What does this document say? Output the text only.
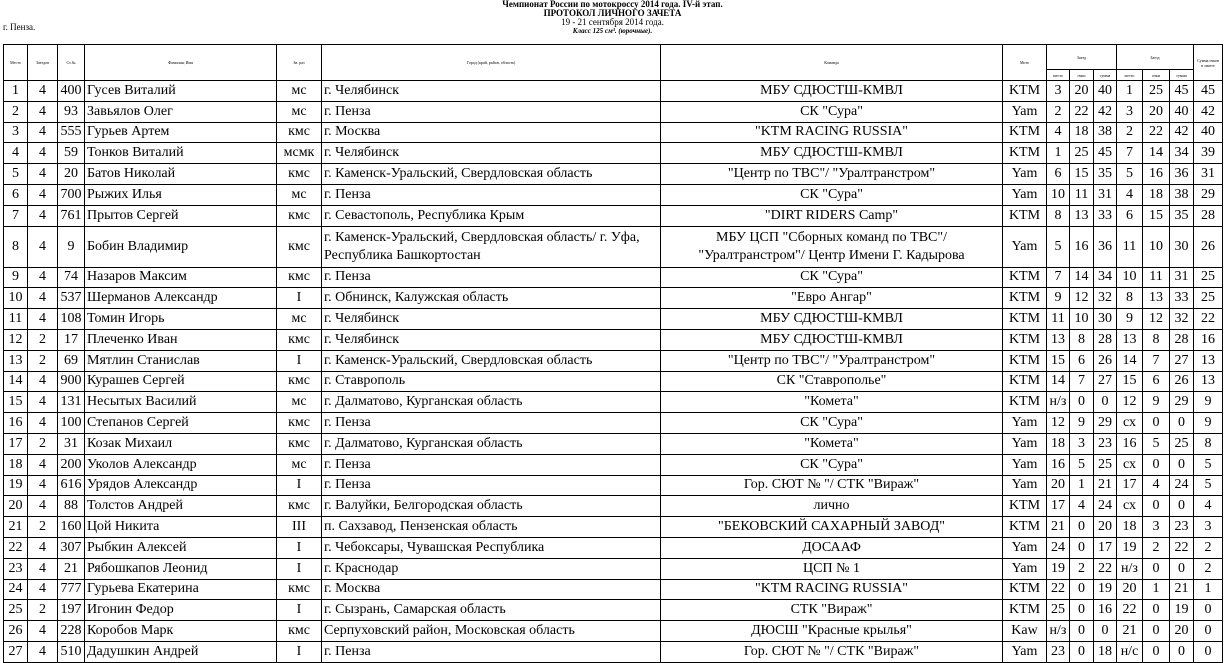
Чемпионат России по мотокроссу 2014 года. IV-й этап.
ПРОТОКОЛ ЛИЧНОГО ЗАЧЕТА
19 - 21 сентября 2014 года.
Класс 125 см³. (юрочные).
г. Пенза.
Место	Заездов	Ст.№	Фамилия, Имя	Зв. раз	Город (край, район, область)	Команда	Мото	Заезд			Заезд			Сумма очков в зачете
								место	очки	сумма	место	очки	сумма	
1	4	400	Гусев Виталий	мс	г. Челябинск	МБУ СДЮСТШ-КМВЛ	KTM	3	20	40	1	25	45	45
2	4	93	Завьялов Олег	мс	г. Пенза	СК "Сура"	Yam	2	22	42	3	20	40	42
3	4	555	Гурьев Артем	кмс	г. Москва	"KTM RACING RUSSIA"	KTM	4	18	38	2	22	42	40
4	4	59	Тонков Виталий	мсмк	г. Челябинск	МБУ СДЮСТШ-КМВЛ	KTM	1	25	45	7	14	34	39
5	4	20	Батов Николай	кмс	г. Каменск-Уральский, Свердловская область	"Центр по ТВС"/ "Уралтранстром"	Yam	6	15	35	5	16	36	31
6	4	700	Рыжих Илья	мс	г. Пенза	СК "Сура"	Yam	10	11	31	4	18	38	29
7	4	761	Прытов Сергей	кмс	г. Севастополь, Республика Крым	"DIRT RIDERS Camp"	KTM	8	13	33	6	15	35	28
8	4	9	Бобин Владимир	кмс	г. Каменск-Уральский, Свердловская область/ г. Уфа, Республика Башкортостан	МБУ ЦСП "Сборных команд по ТВС"/ "Уралтранстром"/ Центр Имени Г. Кадырова	Yam	5	16	36	11	10	30	26
9	4	74	Назаров Максим	кмс	г. Пенза	СК "Сура"	KTM	7	14	34	10	11	31	25
10	4	537	Шерманов Александр	I	г. Обнинск, Калужская область	"Евро Ангар"	KTM	9	12	32	8	13	33	25
11	4	108	Томин Игорь	мс	г. Челябинск	МБУ СДЮСТШ-КМВЛ	KTM	11	10	30	9	12	32	22
12	2	17	Плеченко Иван	кмс	г. Челябинск	МБУ СДЮСТШ-КМВЛ	KTM	13	8	28	13	8	28	16
13	2	69	Мятлин Станислав	I	г. Каменск-Уральский, Свердловская область	"Центр по ТВС"/ "Уралтранстром"	KTM	15	6	26	14	7	27	13
14	4	900	Курашев Сергей	кмс	г. Ставрополь	СК "Ставрополье"	KTM	14	7	27	15	6	26	13
15	4	131	Несытых Василий	мс	г. Далматово, Курганская область	"Комета"	KTM	н/з	0	0	12	9	29	9
16	4	100	Степанов Сергей	кмс	г. Пенза	СК "Сура"	Yam	12	9	29	сх	0	0	9
17	2	31	Козак Михаил	кмс	г. Далматово, Курганская область	"Комета"	Yam	18	3	23	16	5	25	8
18	4	200	Уколов Александр	мс	г. Пенза	СК "Сура"	Yam	16	5	25	сх	0	0	5
19	4	616	Урядов Александр	I	г. Пенза	Гор. СЮТ № "/ СТК "Вираж"	Yam	20	1	21	17	4	24	5
20	4	88	Толстов Андрей	кмс	г. Валуйки, Белгородская область	лично	KTM	17	4	24	сх	0	0	4
21	2	160	Цой Никита	III	п. Сахзавод, Пензенская область	"БЕКОВСКИЙ САХАРНЫЙ ЗАВОД"	KTM	21	0	20	18	3	23	3
22	4	307	Рыбкин Алексей	I	г. Чебоксары, Чувашская Республика	ДОСААФ	Yam	24	0	17	19	2	22	2
23	4	21	Рябошкапов Леонид	I	г. Краснодар	ЦСП № 1	Yam	19	2	22	н/з	0	0	2
24	4	777	Гурьева Екатерина	кмс	г. Москва	"KTM RACING RUSSIA"	KTM	22	0	19	20	1	21	1
25	2	197	Игонин Федор	I	г. Сызрань, Самарская область	СТК "Вираж"	KTM	25	0	16	22	0	19	0
26	4	228	Коробов Марк	кмс	Серпуховский район, Московская область	ДЮСШ "Красные крылья"	Kaw	н/з	0	0	21	0	20	0
27	4	510	Дадушкин Андрей	I	г. Пенза	Гор. СЮТ № "/ СТК "Вираж"	Yam	23	0	18	н/с	0	0	0
